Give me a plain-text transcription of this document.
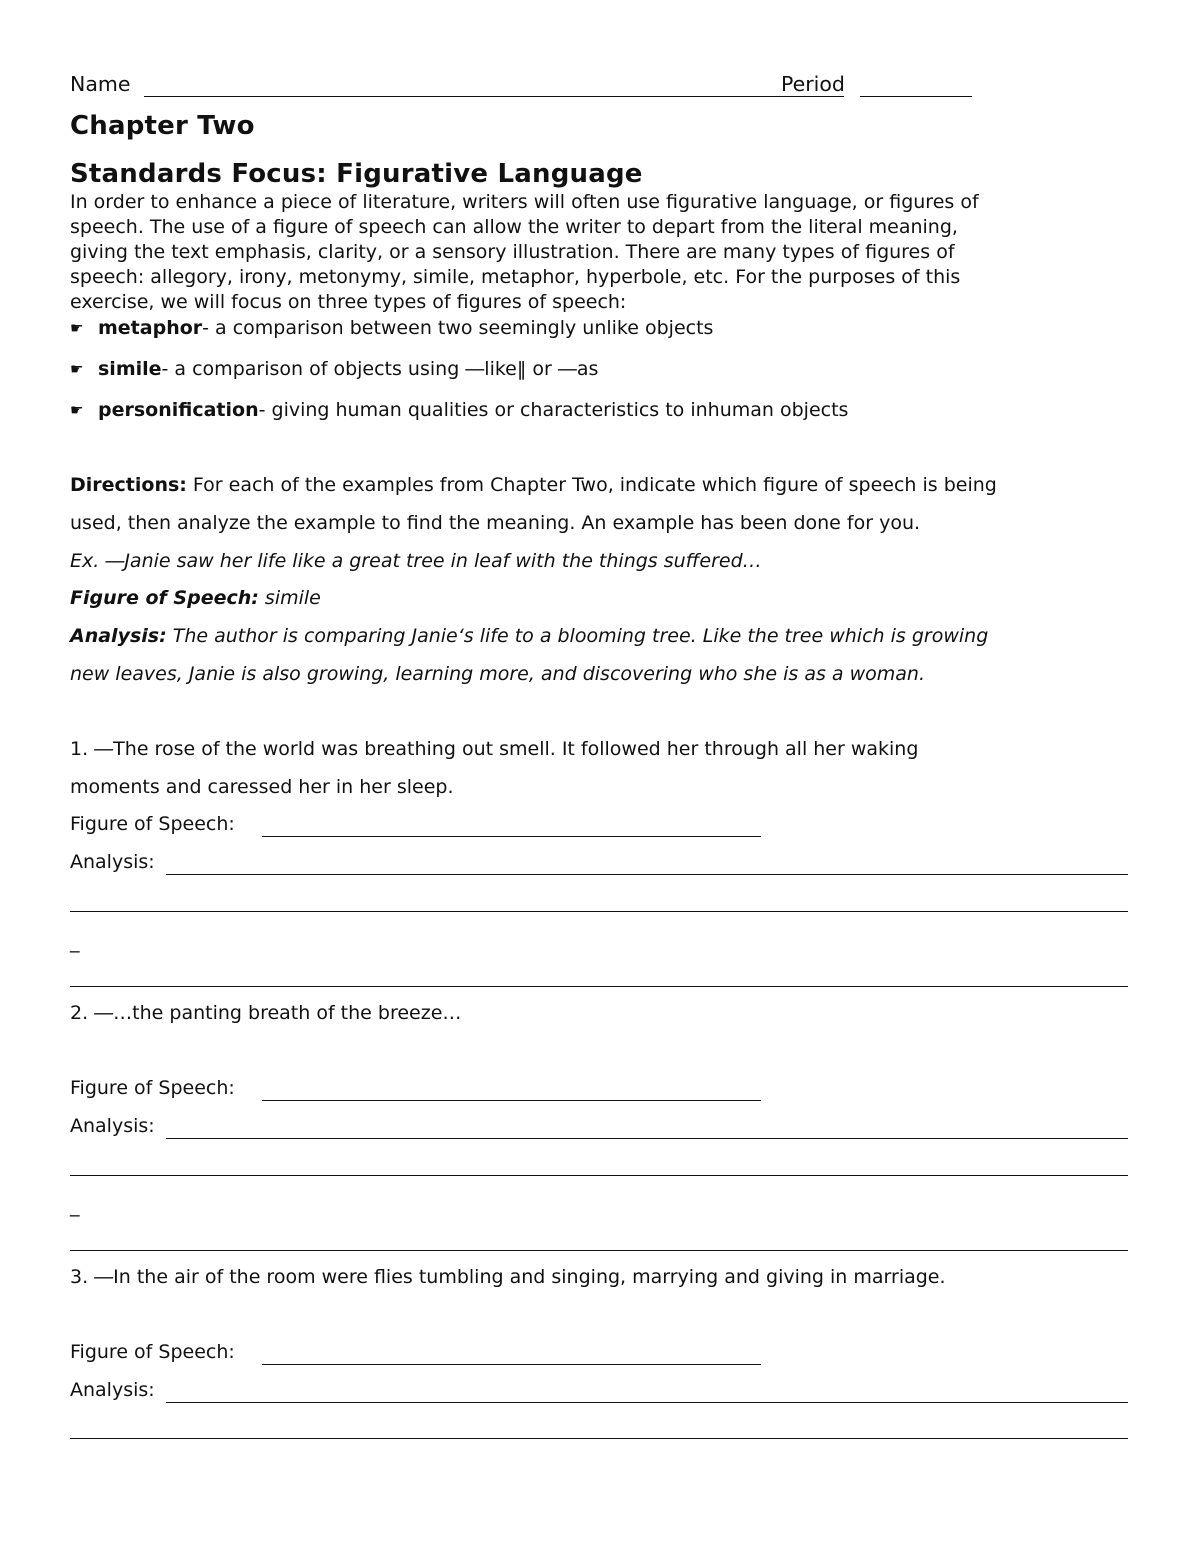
Name	Period
Chapter Two
Standards Focus: Figurative Language
In order to enhance a piece of literature, writers will often use figurative language, or figures of
speech. The use of a figure of speech can allow the writer to depart from the literal meaning,
giving the text emphasis, clarity, or a sensory illustration. There are many types of figures of
speech: allegory, irony, metonymy, simile, metaphor, hyperbole, etc. For the purposes of this
exercise, we will focus on three types of figures of speech:
☛ metaphor- a comparison between two seemingly unlike objects
☛ simile- a comparison of objects using ―like‖ or ―as
☛ personification- giving human qualities or characteristics to inhuman objects
Directions: For each of the examples from Chapter Two, indicate which figure of speech is being
used, then analyze the example to find the meaning. An example has been done for you.
Ex. ―Janie saw her life like a great tree in leaf with the things suffered…
Figure of Speech: simile
Analysis: The author is comparing Janie‘s life to a blooming tree. Like the tree which is growing
new leaves, Janie is also growing, learning more, and discovering who she is as a woman.
1. ―The rose of the world was breathing out smell. It followed her through all her waking
moments and caressed her in her sleep.
Figure of Speech:
Analysis:
_
2. ―…the panting breath of the breeze…
Figure of Speech:
Analysis:
_
3. ―In the air of the room were flies tumbling and singing, marrying and giving in marriage.
Figure of Speech:
Analysis:
